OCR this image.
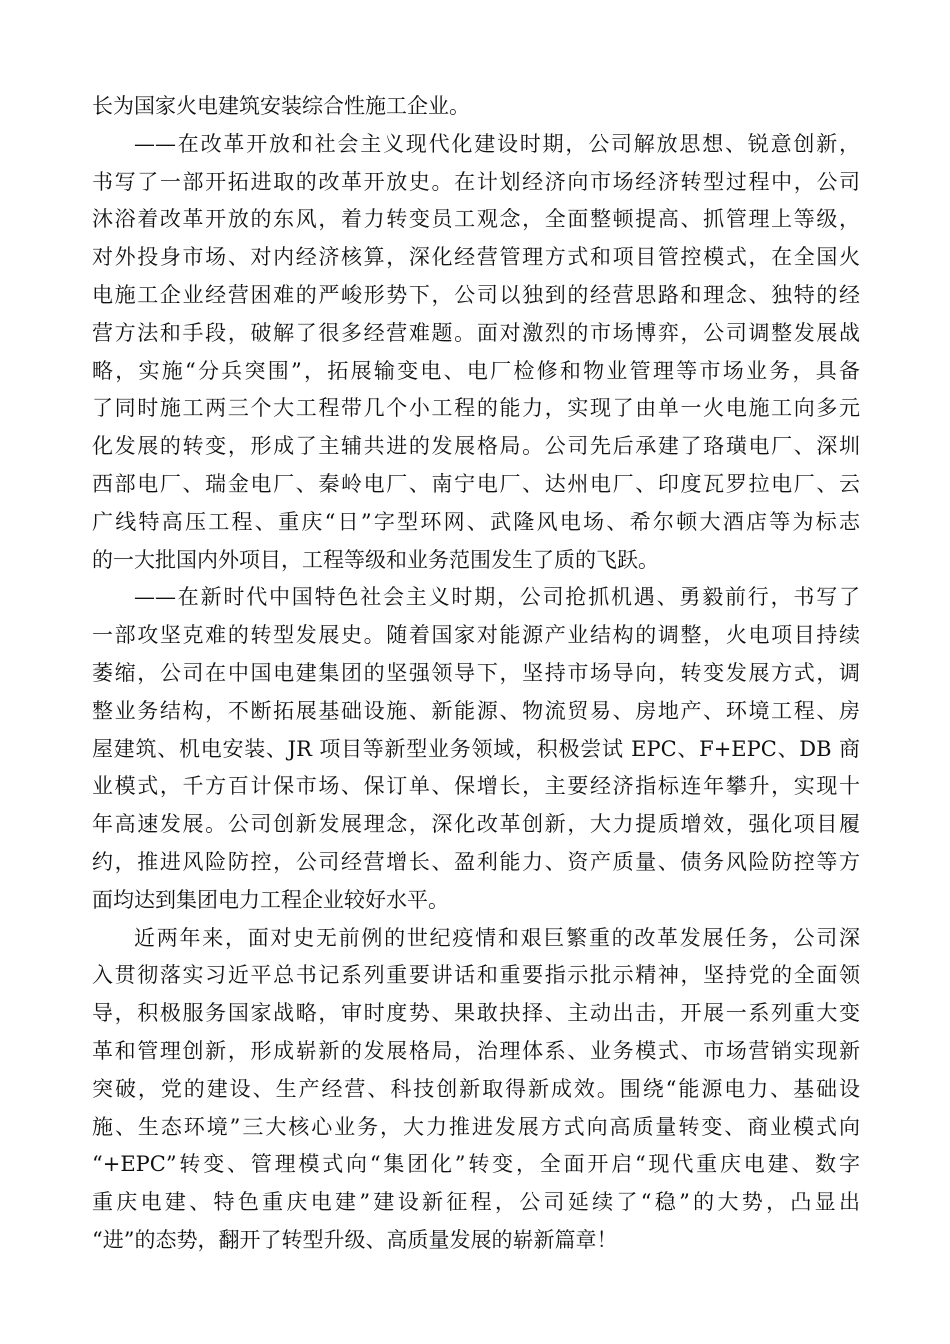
长为国家火电建筑安装综合性施工企业。
——在改革开放和社会主义现代化建设时期，公司解放思想、锐意创新，
书写了一部开拓进取的改革开放史。在计划经济向市场经济转型过程中，公司
沐浴着改革开放的东风，着力转变员工观念，全面整顿提高、抓管理上等级，
对外投身市场、对内经济核算，深化经营管理方式和项目管控模式，在全国火
电施工企业经营困难的严峻形势下，公司以独到的经营思路和理念、独特的经
营方法和手段，破解了很多经营难题。面对激烈的市场博弈，公司调整发展战
略，实施“分兵突围”，拓展输变电、电厂检修和物业管理等市场业务，具备
了同时施工两三个大工程带几个小工程的能力，实现了由单一火电施工向多元
化发展的转变，形成了主辅共进的发展格局。公司先后承建了珞璜电厂、深圳
西部电厂、瑞金电厂、秦岭电厂、南宁电厂、达州电厂、印度瓦罗拉电厂、云
广线特高压工程、重庆“日”字型环网、武隆风电场、希尔顿大酒店等为标志
的一大批国内外项目，工程等级和业务范围发生了质的飞跃。
——在新时代中国特色社会主义时期，公司抢抓机遇、勇毅前行，书写了
一部攻坚克难的转型发展史。随着国家对能源产业结构的调整，火电项目持续
萎缩，公司在中国电建集团的坚强领导下，坚持市场导向，转变发展方式，调
整业务结构，不断拓展基础设施、新能源、物流贸易、房地产、环境工程、房
屋建筑、机电安装、JR 项目等新型业务领域，积极尝试 EPC、F+EPC、DB 商
业模式，千方百计保市场、保订单、保增长，主要经济指标连年攀升，实现十
年高速发展。公司创新发展理念，深化改革创新，大力提质增效，强化项目履
约，推进风险防控，公司经营增长、盈利能力、资产质量、债务风险防控等方
面均达到集团电力工程企业较好水平。
近两年来，面对史无前例的世纪疫情和艰巨繁重的改革发展任务，公司深
入贯彻落实习近平总书记系列重要讲话和重要指示批示精神，坚持党的全面领
导，积极服务国家战略，审时度势、果敢抉择、主动出击，开展一系列重大变
革和管理创新，形成崭新的发展格局，治理体系、业务模式、市场营销实现新
突破，党的建设、生产经营、科技创新取得新成效。围绕“能源电力、基础设
施、生态环境”三大核心业务，大力推进发展方式向高质量转变、商业模式向
“+EPC”转变、管理模式向“集团化”转变，全面开启“现代重庆电建、数字
重庆电建、特色重庆电建”建设新征程，公司延续了“稳”的大势，凸显出
“进”的态势，翻开了转型升级、高质量发展的崭新篇章！
